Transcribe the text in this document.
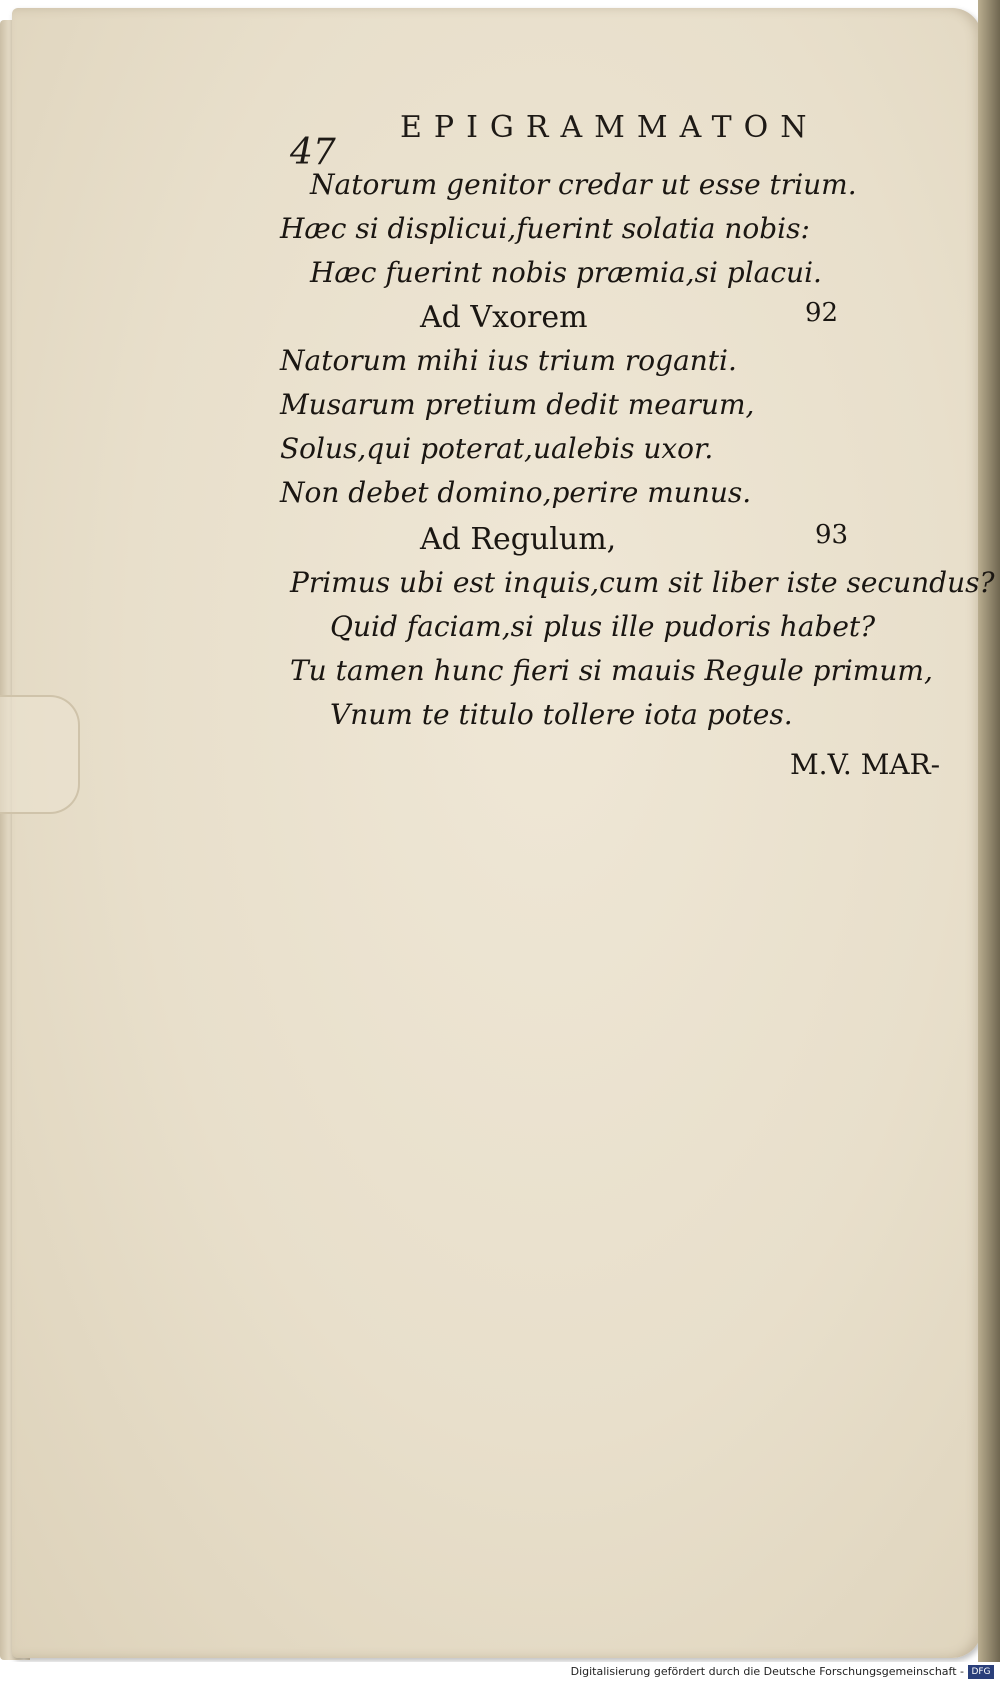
47
EPIGRAMMATON
Natorum genitor credar ut esse trium.
Hæc si displicui,fuerint solatia nobis:
Hæc fuerint nobis præmia,si placui.
Ad Vxorem	92
Natorum mihi ius trium roganti.
Musarum pretium dedit mearum,
Solus,qui poterat,ualebis uxor.
Non debet domino,perire munus.
Ad Regulum,	93
Primus ubi est inquis,cum sit liber iste secundus?
Quid faciam,si plus ille pudoris habet?
Tu tamen hunc fieri si mauis Regule primum,
Vnum te titulo tollere iota potes.
M.V. MAR-
Digitalisierung gefördert durch die Deutsche Forschungsgemeinschaft - DFG
